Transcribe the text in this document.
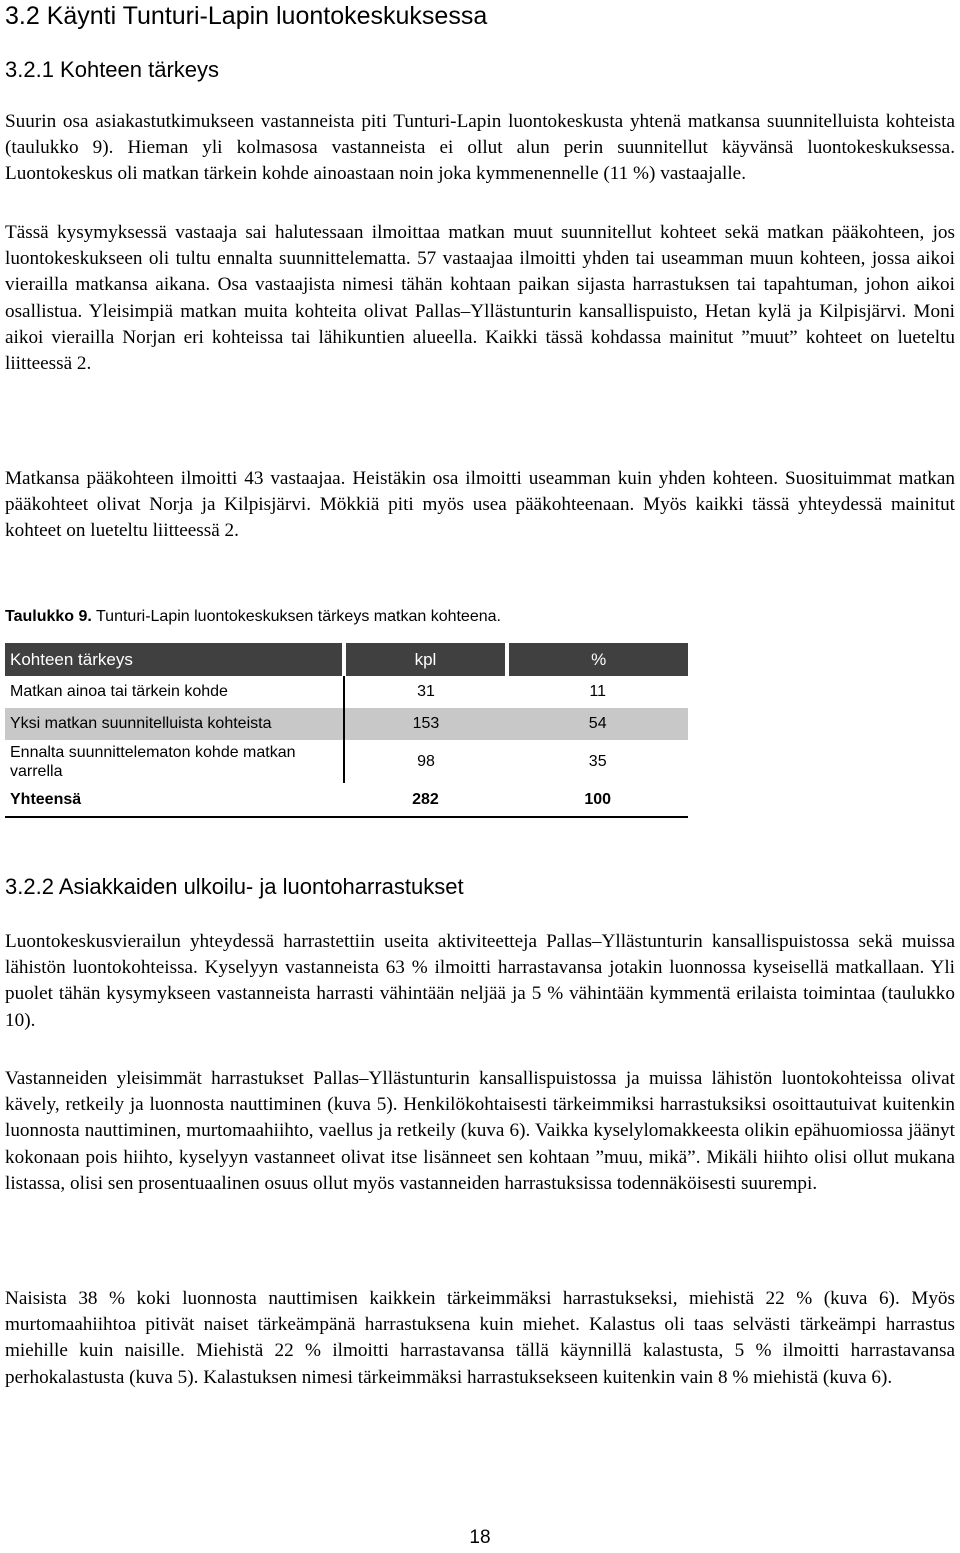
3.2 Käynti Tunturi-Lapin luontokeskuksessa
3.2.1 Kohteen tärkeys

Suurin osa asiakastutkimukseen vastanneista piti Tunturi-Lapin luontokeskusta yhtenä matkansa suunnitelluista kohteista (taulukko 9). Hieman yli kolmasosa vastanneista ei ollut alun perin suunnitellut käyvänsä luontokeskuksessa. Luontokeskus oli matkan tärkein kohde ainoastaan noin joka kymmenennelle (11 %) vastaajalle.

Tässä kysymyksessä vastaaja sai halutessaan ilmoittaa matkan muut suunnitellut kohteet sekä matkan pääkohteen, jos luontokeskukseen oli tultu ennalta suunnittelematta. 57 vastaajaa ilmoitti yhden tai useamman muun kohteen, jossa aikoi vierailla matkansa aikana. Osa vastaajista nimesi tähän kohtaan paikan sijasta harrastuksen tai tapahtuman, johon aikoi osallistua. Yleisimpiä matkan muita kohteita olivat Pallas–Yllästunturin kansallispuisto, Hetan kylä ja Kilpisjärvi. Moni aikoi vierailla Norjan eri kohteissa tai lähikuntien alueella. Kaikki tässä kohdassa mainitut ”muut” kohteet on lueteltu liitteessä 2.

Matkansa pääkohteen ilmoitti 43 vastaajaa. Heistäkin osa ilmoitti useamman kuin yhden kohteen. Suosituimmat matkan pääkohteet olivat Norja ja Kilpisjärvi. Mökkiä piti myös usea pääkohteenaan. Myös kaikki tässä yhteydessä mainitut kohteet on lueteltu liitteessä 2.

Taulukko 9. Tunturi-Lapin luontokeskuksen tärkeys matkan kohteena.

Kohteen tärkeys	kpl	%
Matkan ainoa tai tärkein kohde	31	11
Yksi matkan suunnitelluista kohteista	153	54
Ennalta suunnittelematon kohde matkan varrella	98	35
Yhteensä	282	100
3.2.2 Asiakkaiden ulkoilu- ja luontoharrastukset

Luontokeskusvierailun yhteydessä harrastettiin useita aktiviteetteja Pallas–Yllästunturin kansallispuistossa sekä muissa lähistön luontokohteissa. Kyselyyn vastanneista 63 % ilmoitti harrastavansa jotakin luonnossa kyseisellä matkallaan. Yli puolet tähän kysymykseen vastanneista harrasti vähintään neljää ja 5 % vähintään kymmentä erilaista toimintaa (taulukko 10).

Vastanneiden yleisimmät harrastukset Pallas–Yllästunturin kansallispuistossa ja muissa lähistön luontokohteissa olivat kävely, retkeily ja luonnosta nauttiminen (kuva 5). Henkilökohtaisesti tärkeimmiksi harrastuksiksi osoittautuivat kuitenkin luonnosta nauttiminen, murtomaahiihto, vaellus ja retkeily (kuva 6). Vaikka kyselylomakkeesta olikin epähuomiossa jäänyt kokonaan pois hiihto, kyselyyn vastanneet olivat itse lisänneet sen kohtaan ”muu, mikä”. Mikäli hiihto olisi ollut mukana listassa, olisi sen prosentuaalinen osuus ollut myös vastanneiden harrastuksissa todennäköisesti suurempi.

Naisista 38 % koki luonnosta nauttimisen kaikkein tärkeimmäksi harrastukseksi, miehistä 22 % (kuva 6). Myös murtomaahiihtoa pitivät naiset tärkeämpänä harrastuksena kuin miehet. Kalastus oli taas selvästi tärkeämpi harrastus miehille kuin naisille. Miehistä 22 % ilmoitti harrastavansa tällä käynnillä kalastusta, 5 % ilmoitti harrastavansa perhokalastusta (kuva 5). Kalastuksen nimesi tärkeimmäksi harrastuksekseen kuitenkin vain 8 % miehistä (kuva 6).

18
